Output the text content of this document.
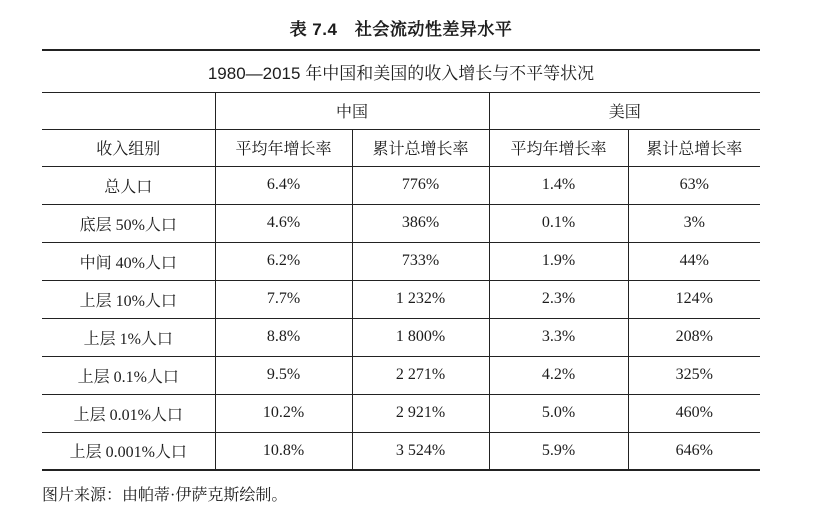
表 7.4　社会流动性差异水平
1980—2015 年中国和美国的收入增长与不平等状况				
	中国		美国	
收入组别	平均年增长率	累计总增长率	平均年增长率	累计总增长率
总人口	6.4%	776%	1.4%	63%
底层 50%人口	4.6%	386%	0.1%	3%
中间 40%人口	6.2%	733%	1.9%	44%
上层 10%人口	7.7%	1 232%	2.3%	124%
上层 1%人口	8.8%	1 800%	3.3%	208%
上层 0.1%人口	9.5%	2 271%	4.2%	325%
上层 0.01%人口	10.2%	2 921%	5.0%	460%
上层 0.001%人口	10.8%	3 524%	5.9%	646%
图片来源：由帕蒂·伊萨克斯绘制。
